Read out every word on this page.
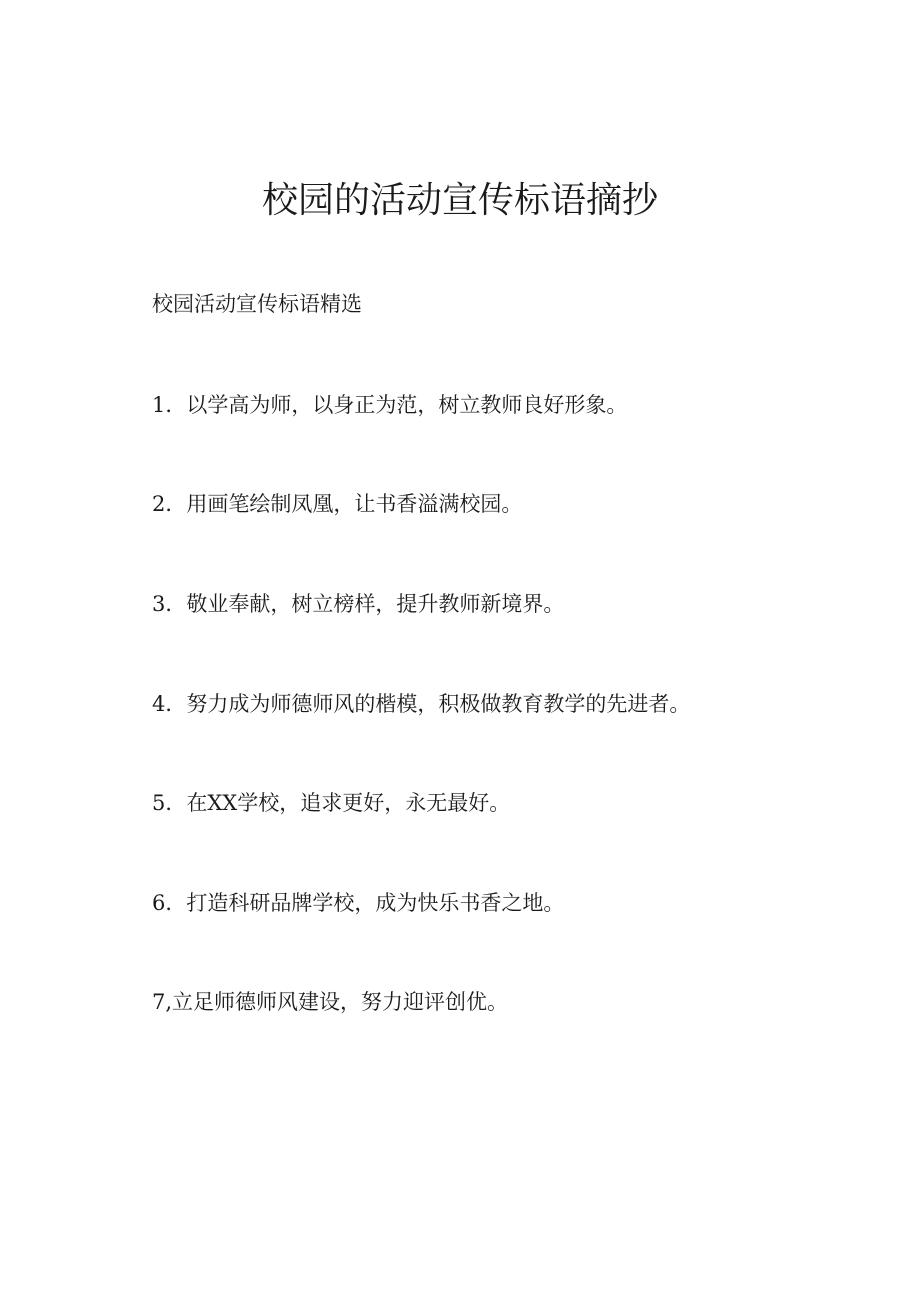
校园的活动宣传标语摘抄

校园活动宣传标语精选

1．以学高为师，以身正为范，树立教师良好形象。

2．用画笔绘制凤凰，让书香溢满校园。

3．敬业奉献，树立榜样，提升教师新境界。

4．努力成为师德师风的楷模，积极做教育教学的先进者。

5．在XX学校，追求更好，永无最好。

6．打造科研品牌学校，成为快乐书香之地。

7,立足师德师风建设，努力迎评创优。
